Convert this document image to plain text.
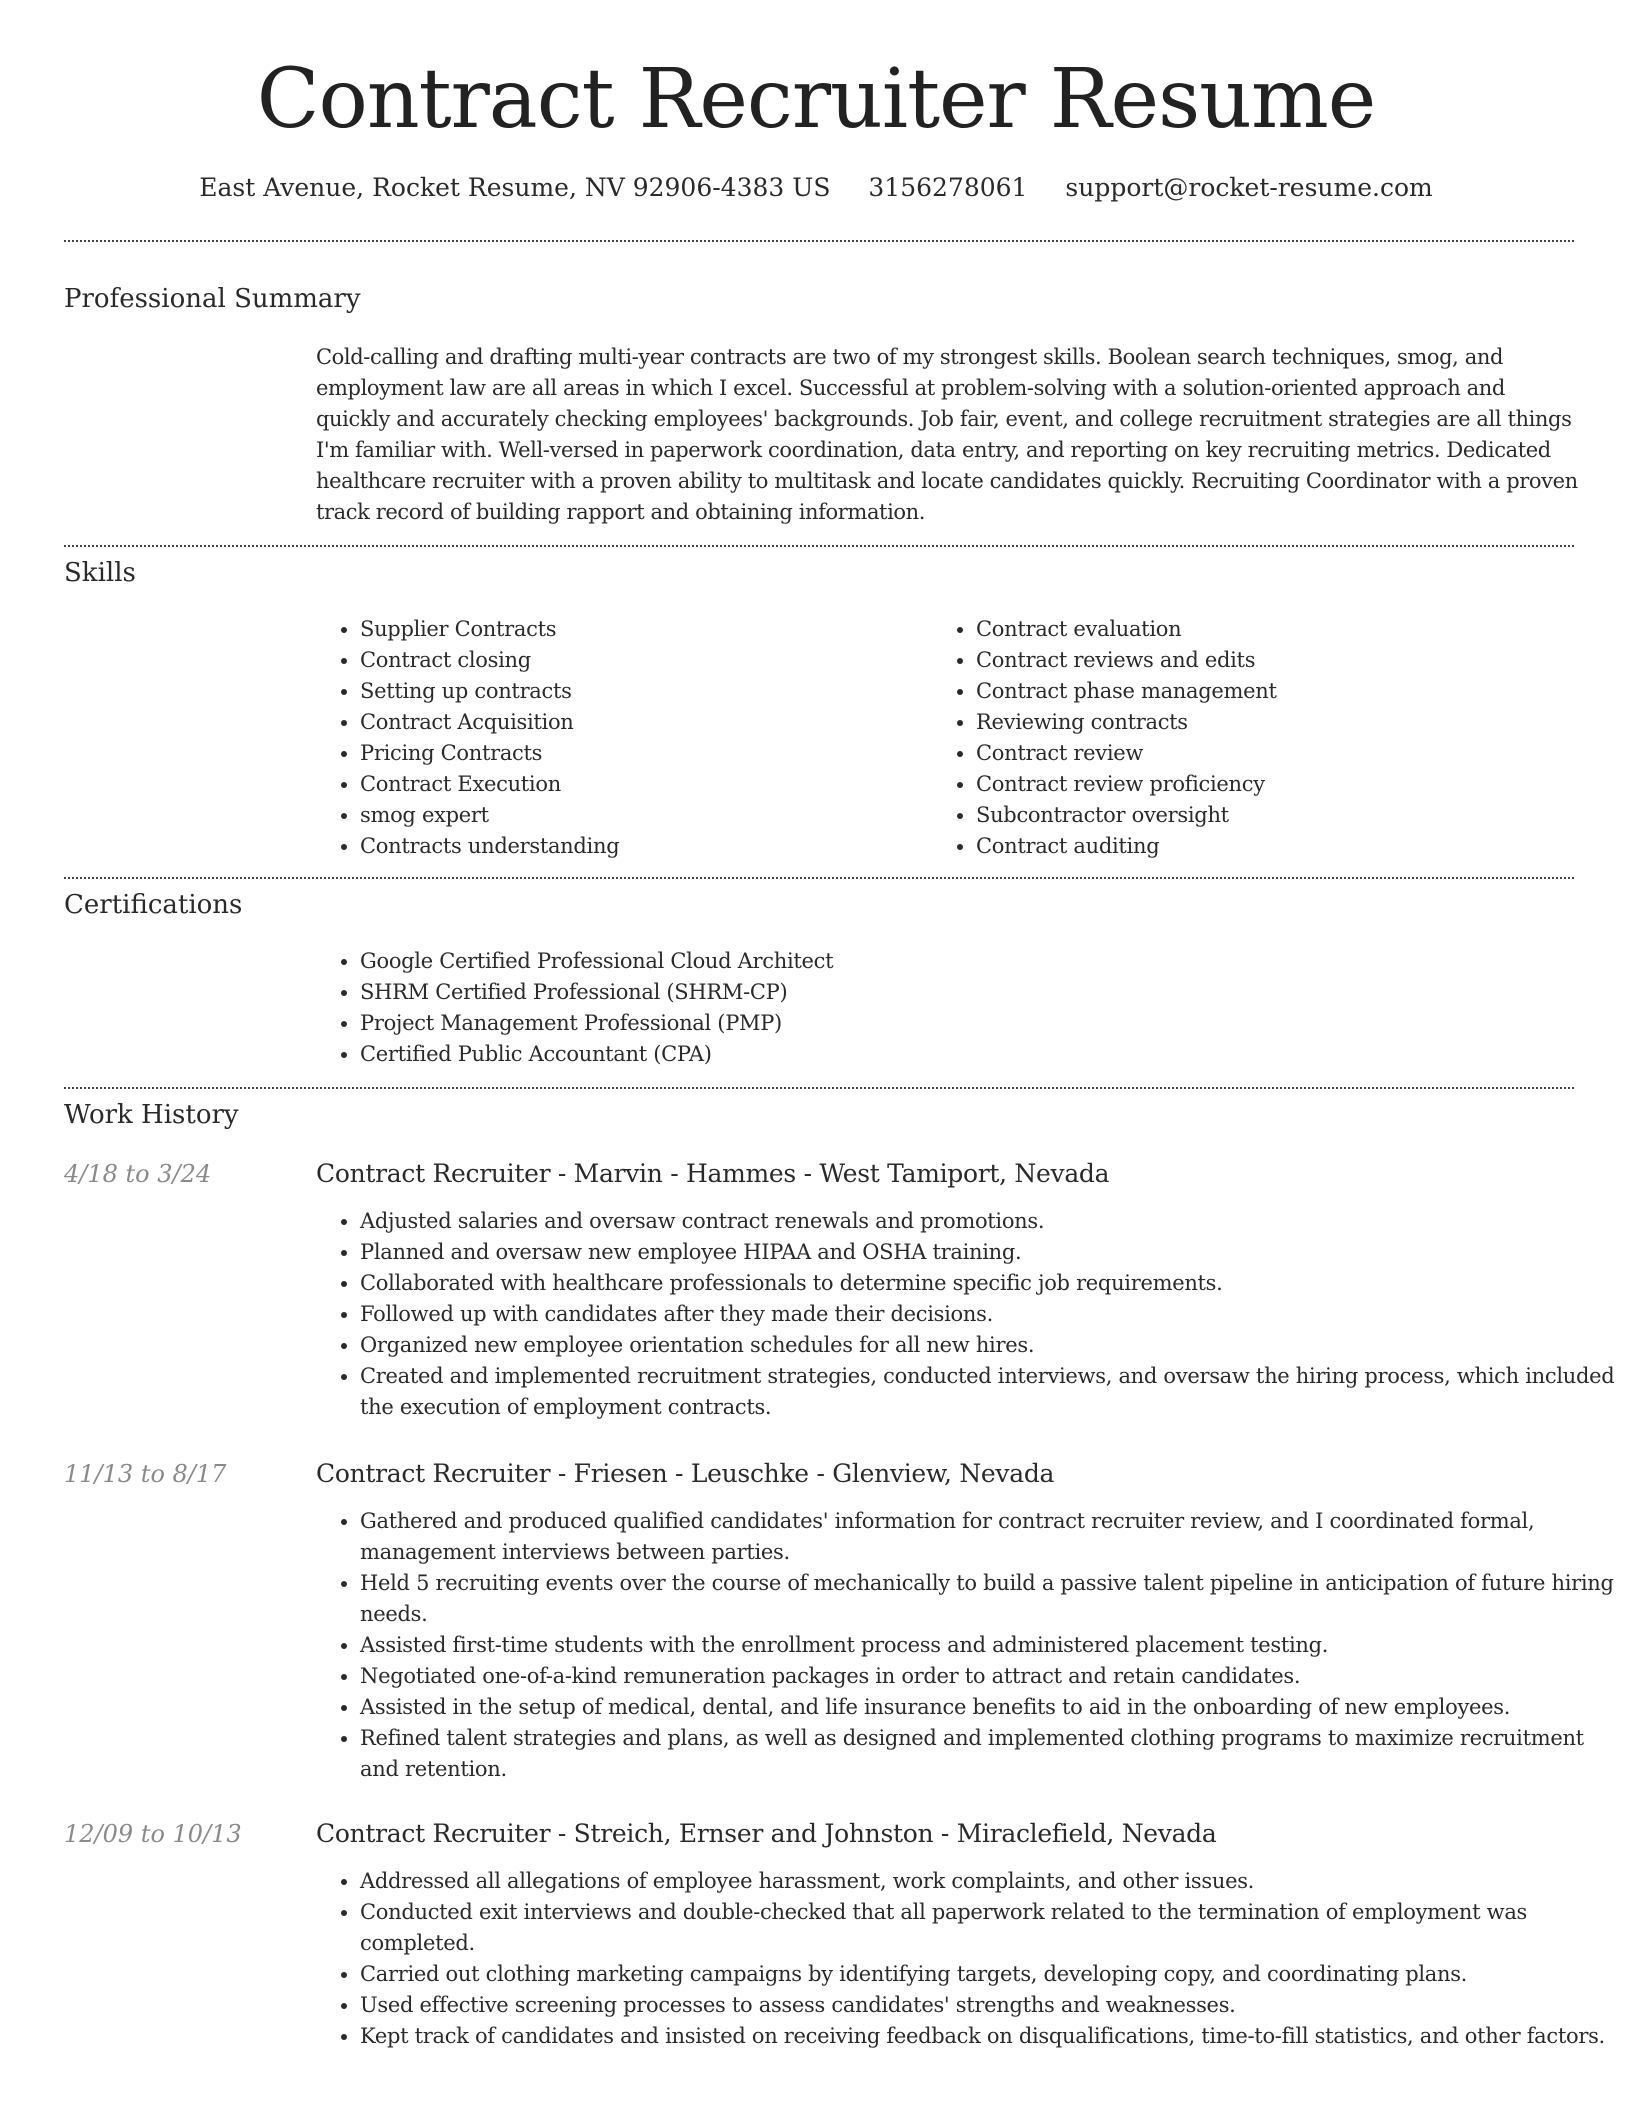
Contract Recruiter Resume
East Avenue, Rocket Resume, NV 92906-4383 US 3156278061 support@rocket-resume.com
Professional Summary

Cold-calling and drafting multi-year contracts are two of my strongest skills. Boolean search techniques, smog, and employment law are all areas in which I excel. Successful at problem-solving with a solution-oriented approach and quickly and accurately checking employees' backgrounds. Job fair, event, and college recruitment strategies are all things I'm familiar with. Well-versed in paperwork coordination, data entry, and reporting on key recruiting metrics. Dedicated healthcare recruiter with a proven ability to multitask and locate candidates quickly. Recruiting Coordinator with a proven track record of building rapport and obtaining information.

Skills
• Supplier Contracts
• Contract closing
• Setting up contracts
• Contract Acquisition
• Pricing Contracts
• Contract Execution
• smog expert
• Contracts understanding
• Contract evaluation
• Contract reviews and edits
• Contract phase management
• Reviewing contracts
• Contract review
• Contract review proficiency
• Subcontractor oversight
• Contract auditing
Certifications
• Google Certified Professional Cloud Architect
• SHRM Certified Professional (SHRM-CP)
• Project Management Professional (PMP)
• Certified Public Accountant (CPA)
Work History
4/18 to 3/24	Contract Recruiter - Marvin - Hammes - West Tamiport, Nevada
• Adjusted salaries and oversaw contract renewals and promotions.
• Planned and oversaw new employee HIPAA and OSHA training.
• Collaborated with healthcare professionals to determine specific job requirements.
• Followed up with candidates after they made their decisions.
• Organized new employee orientation schedules for all new hires.
• Created and implemented recruitment strategies, conducted interviews, and oversaw the hiring process, which included the execution of employment contracts.
11/13 to 8/17	Contract Recruiter - Friesen - Leuschke - Glenview, Nevada
• Gathered and produced qualified candidates' information for contract recruiter review, and I coordinated formal, management interviews between parties.
• Held 5 recruiting events over the course of mechanically to build a passive talent pipeline in anticipation of future hiring needs.
• Assisted first-time students with the enrollment process and administered placement testing.
• Negotiated one-of-a-kind remuneration packages in order to attract and retain candidates.
• Assisted in the setup of medical, dental, and life insurance benefits to aid in the onboarding of new employees.
• Refined talent strategies and plans, as well as designed and implemented clothing programs to maximize recruitment and retention.
12/09 to 10/13	Contract Recruiter - Streich, Ernser and Johnston - Miraclefield, Nevada
• Addressed all allegations of employee harassment, work complaints, and other issues.
• Conducted exit interviews and double-checked that all paperwork related to the termination of employment was completed.
• Carried out clothing marketing campaigns by identifying targets, developing copy, and coordinating plans.
• Used effective screening processes to assess candidates' strengths and weaknesses.
• Kept track of candidates and insisted on receiving feedback on disqualifications, time-to-fill statistics, and other factors.
